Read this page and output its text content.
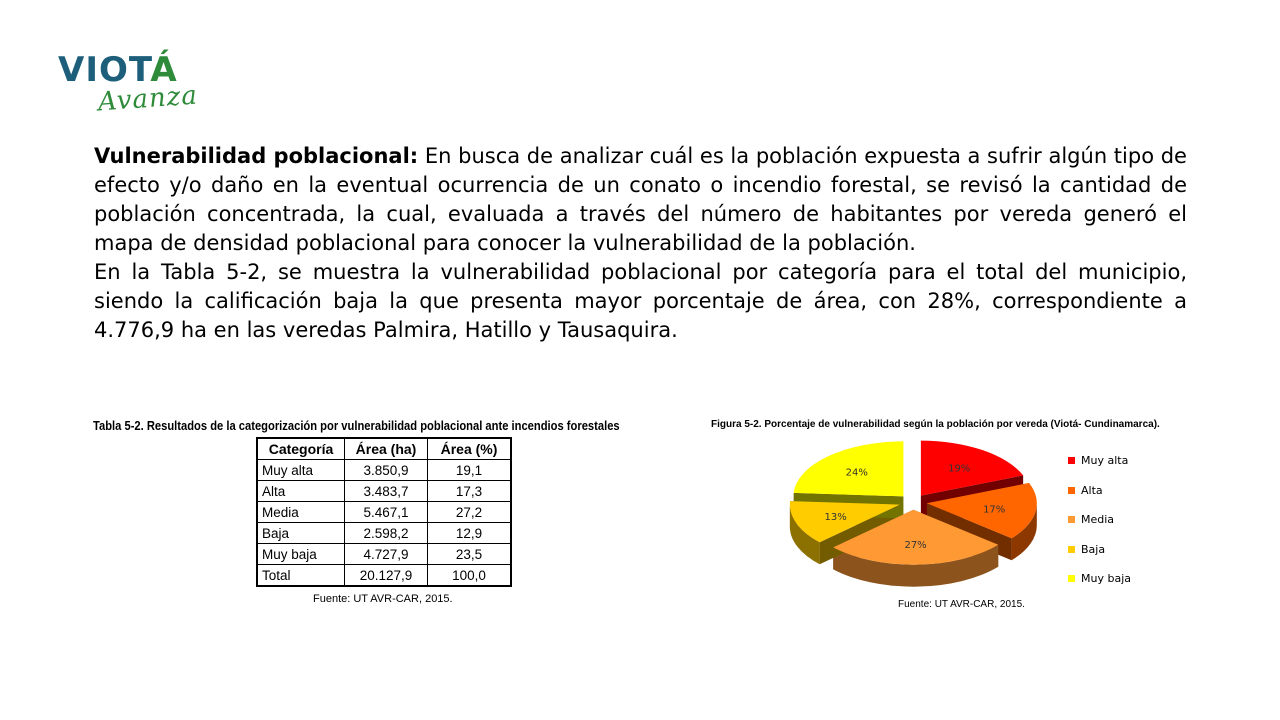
VIOTÁ
Avanza

Vulnerabilidad poblacional: En busca de analizar cuál es la población expuesta a sufrir algún tipo de efecto y/o daño en la eventual ocurrencia de un conato o incendio forestal, se revisó la cantidad de población concentrada, la cual, evaluada a través del número de habitantes por vereda generó el mapa de densidad poblacional para conocer la vulnerabilidad de la población.

En la Tabla 5-2, se muestra la vulnerabilidad poblacional por categoría para el total del municipio, siendo la calificación baja la que presenta mayor porcentaje de área, con 28%, correspondiente a 4.776,9 ha en las veredas Palmira, Hatillo y Tausaquira.

Tabla 5-2. Resultados de la categorización por vulnerabilidad poblacional ante incendios forestales
Categoría	Área (ha)	Área (%)
Muy alta	3.850,9	19,1
Alta	3.483,7	17,3
Media	5.467,1	27,2
Baja	2.598,2	12,9
Muy baja	4.727,9	23,5
Total	20.127,9	100,0
Fuente: UT AVR-CAR, 2015.
Figura 5-2. Porcentaje de vulnerabilidad según la población por vereda (Viotá- Cundinamarca).
19%
17%
27%
13%
24%
Muy alta
Alta
Media
Baja
Muy baja
Fuente: UT AVR-CAR, 2015.
